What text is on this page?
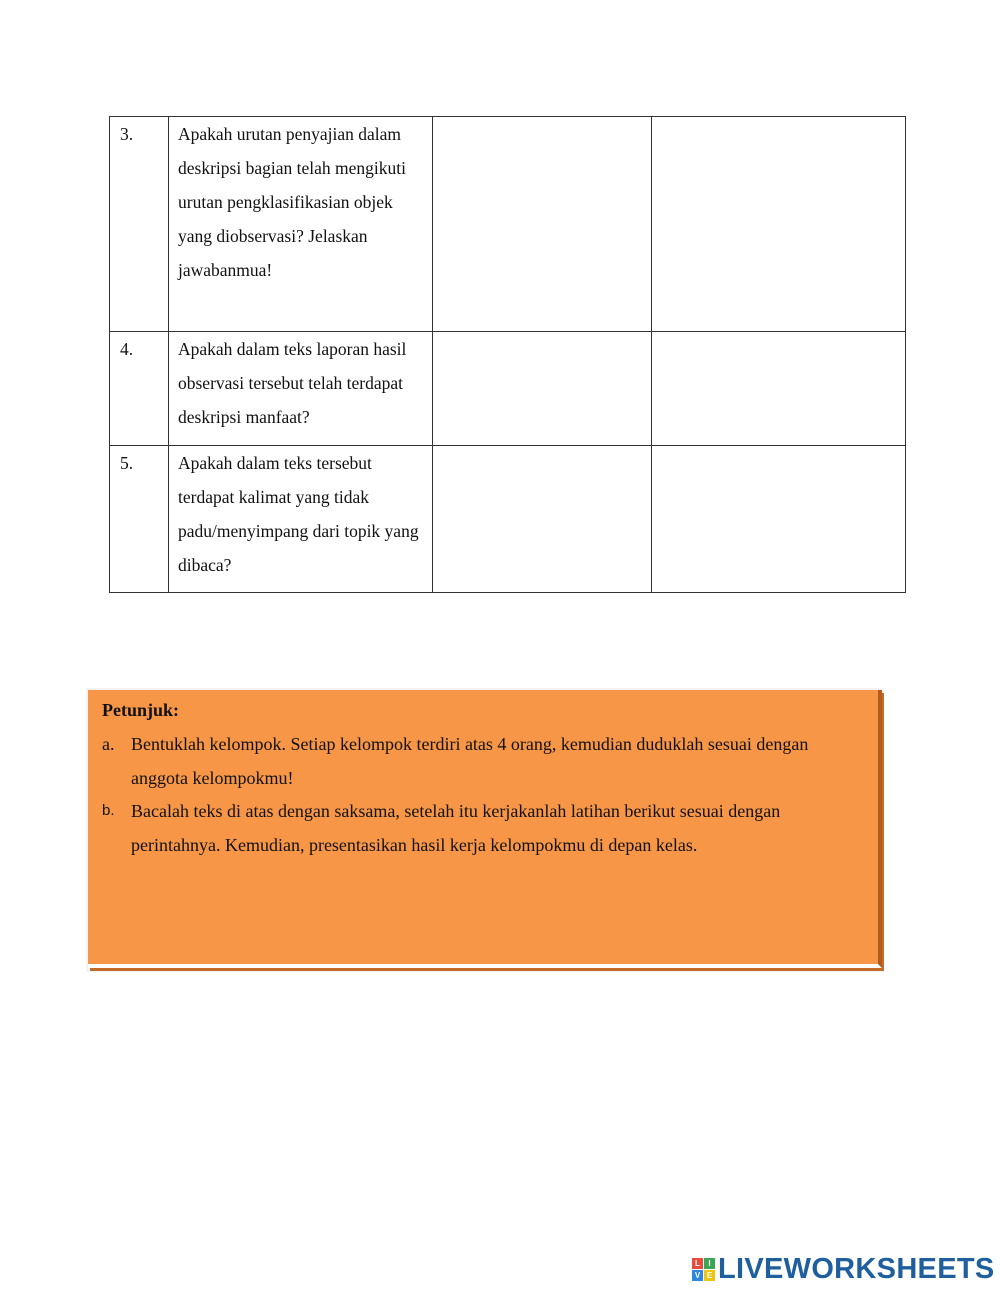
3.	Apakah urutan penyajian dalam deskripsi bagian telah mengikuti urutan pengklasifikasian objek yang diobservasi? Jelaskan jawabanmua!		

4.	Apakah dalam teks laporan hasil observasi tersebut telah terdapat deskripsi manfaat?		

5.	Apakah dalam teks tersebut terdapat kalimat yang tidak padu/menyimpang dari topik yang dibaca?		

Petunjuk:
a. Bentuklah kelompok. Setiap kelompok terdiri atas 4 orang, kemudian duduklah sesuai dengan anggota kelompokmu!
b. Bacalah teks di atas dengan saksama, setelah itu kerjakanlah latihan berikut sesuai dengan perintahnya. Kemudian, presentasikan hasil kerja kelompokmu di depan kelas.
L	I
V E LIVEWORKSHEETS
